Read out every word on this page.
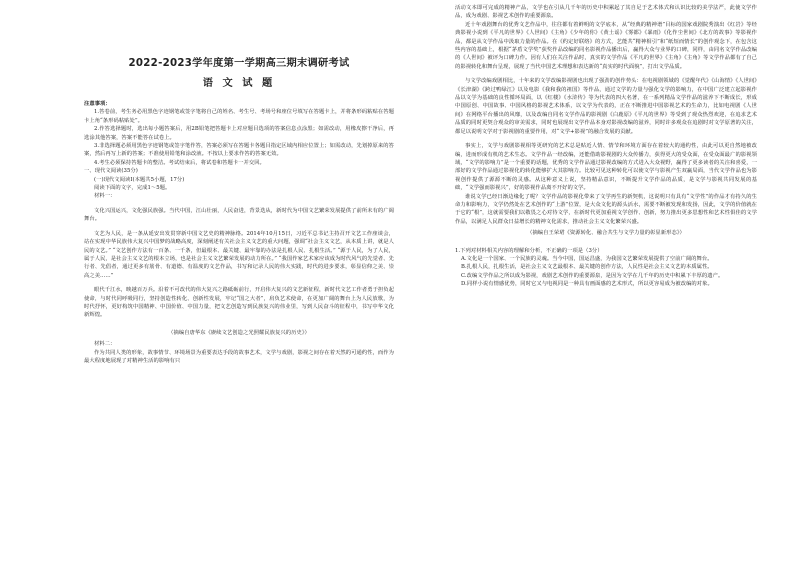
2022-2023学年度第一学期高三期末调研考试
语 文 试 题

注意事项：

1.答卷前，考生务必用黑色字迹钢笔或签字笔将自己的姓名、考生号、考场号和座位号填写在答题卡上，并将条形码粘贴在答题卡上角“条形码粘贴处”。

2.作答选择题时，选出每小题答案后，用2B铅笔把答题卡上对应题目选项的答案信息点涂黑；如需改动，用橡皮擦干净后，再选涂其他答案，答案不能答在试卷上。

3.非选择题必须用黑色字迹钢笔或签字笔作答，答案必须写在答题卡各题目指定区域内相应位置上；如需改动，先划掉原来的答案，然后再写上新的答案；不准使用铅笔和涂改液。不按以上要求作答的答案无效。

4.考生必须保持答题卡的整洁。考试结束后，将试卷和答题卡一并交回。

一、现代文阅读(35分)

(一)现代文阅读Ⅰ(本题共5小题，17分)

阅读下面的文字，完成1～5题。

材料一：

文化兴国运兴，文化强民族强。当代中国，江山壮丽，人民奋进，背景迭从，新时代为中国文艺繁荣发展提供了前所未有的广阔舞台。

文艺为人民，是一条从延安出发贯穿新中国文艺史的精神脉络。2014年10月15日，习近平总书记主持召开文艺工作座谈会，站在实现中华民族伟大复兴中国梦的战略高度，深刻阐述有关社会主义文艺的重大问题，强调“社会主义文艺，从本质上讲，就是人民的文艺。” “文艺创作方法有一百条、一千条，但最根本、最关键、最牢靠的办法是扎根人民、扎根生活。” “源于人民，为了人民，属于人民，是社会主义文艺的根本立场，也是社会主义文艺繁荣发展的动力所在。” “我国作家艺术家应该成为时代风气的先觉者、先行者、先倡者，通过更多有筋骨、有道德、有温度的文艺作品，书写和记录人民的伟大实践，时代的进步要求，彰显信仰之美、崇高之美……”

眼代千江水，映越百万兵。沿着不可改代的伟大复兴之路砥砺前行，开启伟大复兴的文艺新征程，新时代文艺工作者勇于担负起使命，与时代同呼吸同行，坚持创造性转化、创新性发展，牢记“国之大者”，肩负艺术使命，在更加广阔的舞台上为人民放歌，为时代抒怀，更好构筑中国精神、中国价值、中国力量，把文艺创造写到民族复兴的伟业里，写到人民奋斗的征程中，书写中华文化新辉煌。

（摘编自唐华东《赓续文艺创造之光照耀民族复兴的历史》）

材料二：

作为共同人类的形象，故事情节、环境场景为重要表达手段的故事艺术，文学与戏剧，影视之间存在着天然的可通约性，而作为最大程度地展现了对精神生活的影响有只

活动文本即可完成的精神产品，文学也在引从几千年的历史中积累起了其自足于艺术体式和认识比较的美学法严，此使文学作品，成为戏剧、影视艺术创作的重要源泉。

近十年戏剧舞台的优秀文艺作品中，往往都有着鲜明的文学底本，从“经典的精神谱”目标的国家戏剧院秀演出《红岩》等经典影视小说到《平凡的世界》《人世间》《主角》《少年的你》《黄土谣》《雾都》《暴雨》《化作尘世间》《北方的故事》等影视作品，都是从文学作品中汲取力量的作品。在《约定好联络》的方式，艺能共“精神相引”和“纸短而情长”的创作观念下，在包含这些内容的基础上，根据“茅盾文学奖”获奖作品改编的同名影视作品播出后，赢得大众与业界的口碑，同样，由同名文学作品改编的《人世间》被评为口碑力作。因有人们在关注作品时，真实的文学作品《平凡的世界》《主角》《主角》等文学作品都有了自己的影视转化和舞台呈现，展现了当代中国艺术理想和表达新的“真实的时代面貌”，打出文学品质。

与文学改编戏剧相比，十年来的文学改编影视剧也出现了强劲的创作势头：在电视剧领域的《觉醒年代》《山海情》《人世间》《长津湖》《跨过鸭绿江》以及电影《我和我的祖国》等作品，通过文学的力量与强化文学的影响力，在中国广泛建立起影视作品以文学为基础的良性循环局面，以《红楼》《水浒传》等为代表的四大名著，在一系列精品文学作品的滋养下不断成长，形成中国原创、中国故事、中国风格的影视艺术体系，以文学为代表的，正在不断推进中国影视艺术的生命力，比如电视剧《人世间》在网络平台播出的风靡，以及改编自同名文学作品的影视剧《白鹿原》《平凡的世界》等受到了观众热烈欢迎，在追求艺术品质的同时更契合观众的审美需求，同时也展现出文学作品本身对影视改编的滋养，同时许多观众在追剧时对文学原著的关注，都足以说明文学对于影视剧的重要作用，对“文学+影视”的融合发展的贡献。

事实上，文学与戏剧影视相等更研究的艺术总是贴近人情、情节和环境方面存在着较大的通约性，由此可以更自然地被改编，进而形成有机的艺术生态。文学作品一经改编，还能借助影视剧的大众传播力，获得更大的受众面，在受众面最广的影视领域，“文学的影响力”是一个重要的话题，优秀的文学作品通过影视改编的方式进入大众视野，赢得了更多读者的关注和喜爱，一部好的文学作品通过影视化的转化能够扩大其影响力。比较可见这种转化可以使文学与影视产生双赢局面，当代文学作品也为影视创作提供了源源不断的灵感。从这种意义上说，坚持精品意识，不断提升文学作品的品质，是文学与影视共同发展的基础，“文学强而影视兴”，好的影视作品离不开好的文学。

谁说文学已经日渐边缘化了呢？文学作品的影视化带来了文学再生的新契机，这说明只有具有“文学性”的作品才有持久的生命力和影响力，文学仍然处在艺术创作的“上游”位置，是大众文化的源头活水，需要不断被发现和发扬，因此，文学的价值就在于它的“根”，这就需要我们以敬畏之心对待文学，在新时代更加重视文学创作、创新，努力推出更多思想性和艺术性俱佳的文学作品，以满足人民群众日益增长的精神文化需求，推动社会主义文化繁荣兴盛。

（摘编自王荣珺《资源转化、融合共生与文学力量的彰显新形态》）

1.下列对材料相关内容的理解和分析，不正确的一项是（3分）

A.文化是一个国家、一个民族的灵魂。当今中国，国运昌盛，为我国文艺繁荣发展提供了空前广阔的舞台。

B.扎根人民，扎根生活，是社会主义文艺最根本、最关键的创作方法，人民性是社会主义文艺的本质属性。

C.改编文学作品之所以成为影视，戏剧艺术创作的重要源泉，是因为文学在几千年的历史中积累下丰厚的遗产。

D.同样小说有情感优势，同时它又与电视同是一种具有画面感的艺术形式，所以更容易成为被改编的对象。
